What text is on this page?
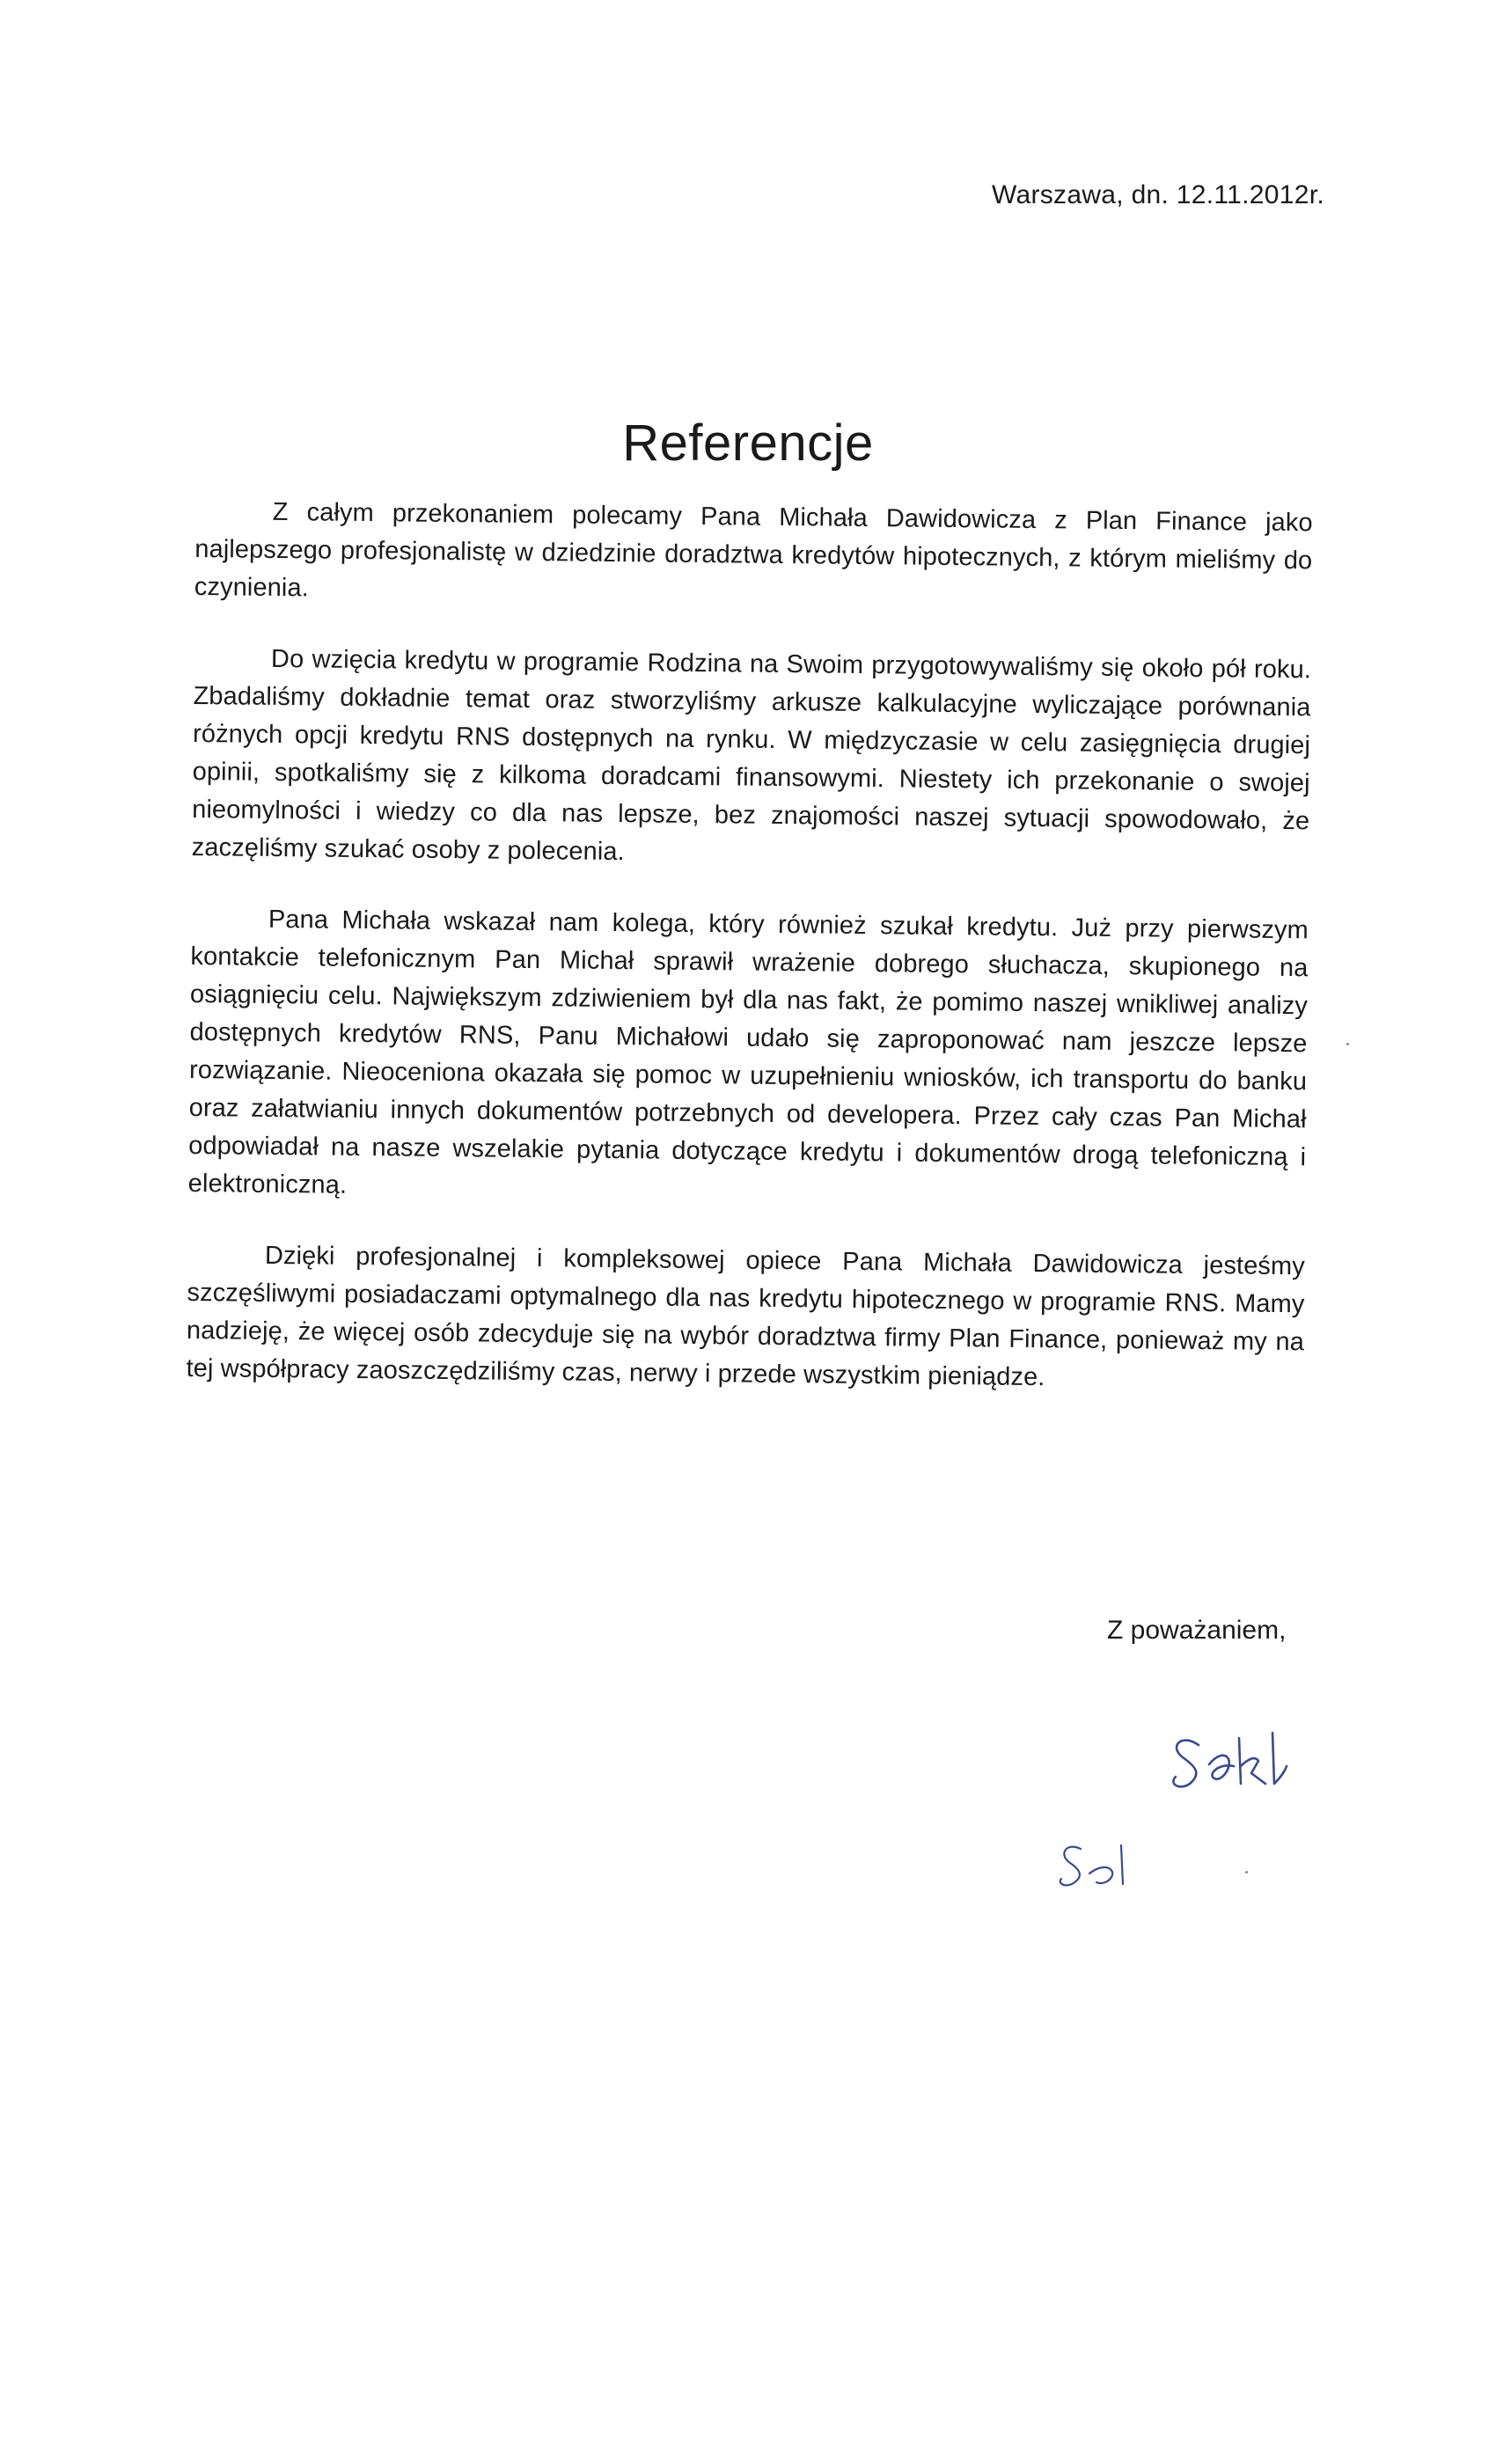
Warszawa, dn. 12.11.2012r.
Referencje

Z całym przekonaniem polecamy Pana Michała Dawidowicza z Plan Finance jako najlepszego profesjonalistę w dziedzinie doradztwa kredytów hipotecznych, z którym mieliśmy do czynienia.

Do wzięcia kredytu w programie Rodzina na Swoim przygotowywaliśmy się około pół roku. Zbadaliśmy dokładnie temat oraz stworzyliśmy arkusze kalkulacyjne wyliczające porównania różnych opcji kredytu RNS dostępnych na rynku. W międzyczasie w celu zasięgnięcia drugiej opinii, spotkaliśmy się z kilkoma doradcami finansowymi. Niestety ich przekonanie o swojej nieomylności i wiedzy co dla nas lepsze, bez znajomości naszej sytuacji spowodowało, że zaczęliśmy szukać osoby z polecenia.

Pana Michała wskazał nam kolega, który również szukał kredytu. Już przy pierwszym kontakcie telefonicznym Pan Michał sprawił wrażenie dobrego słuchacza, skupionego na osiągnięciu celu. Największym zdziwieniem był dla nas fakt, że pomimo naszej wnikliwej analizy dostępnych kredytów RNS, Panu Michałowi udało się zaproponować nam jeszcze lepsze rozwiązanie. Nieoceniona okazała się pomoc w uzupełnieniu wniosków, ich transportu do banku oraz załatwianiu innych dokumentów potrzebnych od developera. Przez cały czas Pan Michał odpowiadał na nasze wszelakie pytania dotyczące kredytu i dokumentów drogą telefoniczną i elektroniczną.

Dzięki profesjonalnej i kompleksowej opiece Pana Michała Dawidowicza jesteśmy szczęśliwymi posiadaczami optymalnego dla nas kredytu hipotecznego w programie RNS. Mamy nadzieję, że więcej osób zdecyduje się na wybór doradztwa firmy Plan Finance, ponieważ my na tej współpracy zaoszczędziliśmy czas, nerwy i przede wszystkim pieniądze.

Z poważaniem,
